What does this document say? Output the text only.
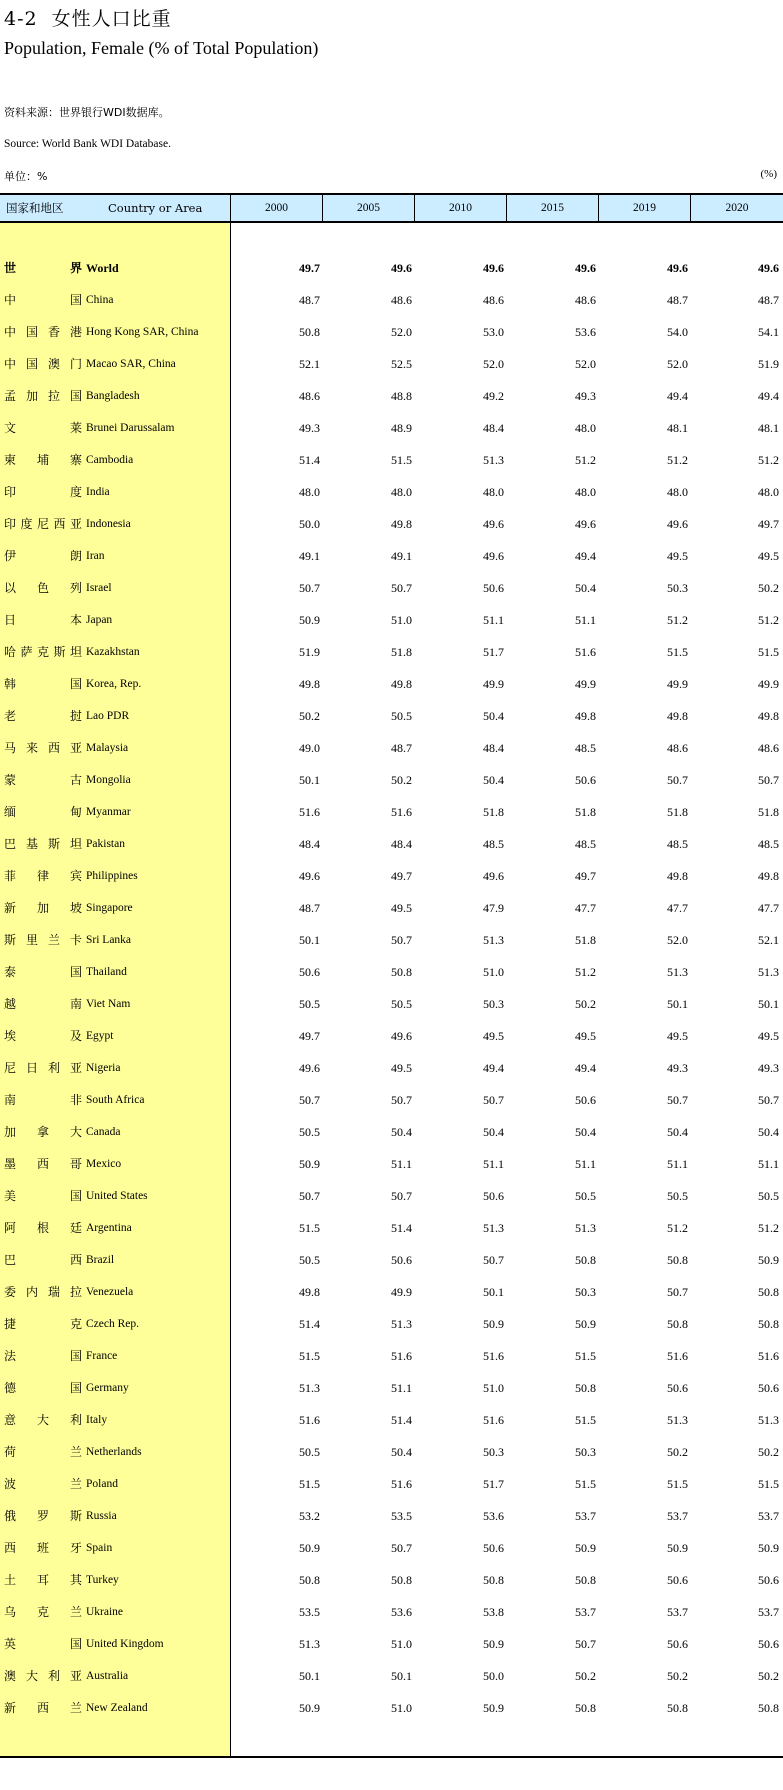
4-2 女性人口比重
Population, Female (% of Total Population)
资料来源：世界银行WDI数据库。
Source: World Bank WDI Database.
单位：%	(%)
国家和地区	Country or Area	2000	2005	2010	2015	2019	2020
世界 World	49.7	49.6	49.6	49.6	49.6	49.6
中国 China	48.7	48.6	48.6	48.6	48.7	48.7
中国香港 Hong Kong SAR, China	50.8	52.0	53.0	53.6	54.0	54.1
中国澳门 Macao SAR, China	52.1	52.5	52.0	52.0	52.0	51.9
孟加拉国 Bangladesh	48.6	48.8	49.2	49.3	49.4	49.4
文莱 Brunei Darussalam	49.3	48.9	48.4	48.0	48.1	48.1
柬埔寨 Cambodia	51.4	51.5	51.3	51.2	51.2	51.2
印度 India	48.0	48.0	48.0	48.0	48.0	48.0
印度尼西亚 Indonesia	50.0	49.8	49.6	49.6	49.6	49.7
伊朗 Iran	49.1	49.1	49.6	49.4	49.5	49.5
以色列 Israel	50.7	50.7	50.6	50.4	50.3	50.2
日本 Japan	50.9	51.0	51.1	51.1	51.2	51.2
哈萨克斯坦 Kazakhstan	51.9	51.8	51.7	51.6	51.5	51.5
韩国 Korea, Rep.	49.8	49.8	49.9	49.9	49.9	49.9
老挝 Lao PDR	50.2	50.5	50.4	49.8	49.8	49.8
马来西亚 Malaysia	49.0	48.7	48.4	48.5	48.6	48.6
蒙古 Mongolia	50.1	50.2	50.4	50.6	50.7	50.7
缅甸 Myanmar	51.6	51.6	51.8	51.8	51.8	51.8
巴基斯坦 Pakistan	48.4	48.4	48.5	48.5	48.5	48.5
菲律宾 Philippines	49.6	49.7	49.6	49.7	49.8	49.8
新加坡 Singapore	48.7	49.5	47.9	47.7	47.7	47.7
斯里兰卡 Sri Lanka	50.1	50.7	51.3	51.8	52.0	52.1
泰国 Thailand	50.6	50.8	51.0	51.2	51.3	51.3
越南 Viet Nam	50.5	50.5	50.3	50.2	50.1	50.1
埃及 Egypt	49.7	49.6	49.5	49.5	49.5	49.5
尼日利亚 Nigeria	49.6	49.5	49.4	49.4	49.3	49.3
南非 South Africa	50.7	50.7	50.7	50.6	50.7	50.7
加拿大 Canada	50.5	50.4	50.4	50.4	50.4	50.4
墨西哥 Mexico	50.9	51.1	51.1	51.1	51.1	51.1
美国 United States	50.7	50.7	50.6	50.5	50.5	50.5
阿根廷 Argentina	51.5	51.4	51.3	51.3	51.2	51.2
巴西 Brazil	50.5	50.6	50.7	50.8	50.8	50.9
委内瑞拉 Venezuela	49.8	49.9	50.1	50.3	50.7	50.8
捷克 Czech Rep.	51.4	51.3	50.9	50.9	50.8	50.8
法国 France	51.5	51.6	51.6	51.5	51.6	51.6
德国 Germany	51.3	51.1	51.0	50.8	50.6	50.6
意大利 Italy	51.6	51.4	51.6	51.5	51.3	51.3
荷兰 Netherlands	50.5	50.4	50.3	50.3	50.2	50.2
波兰 Poland	51.5	51.6	51.7	51.5	51.5	51.5
俄罗斯 Russia	53.2	53.5	53.6	53.7	53.7	53.7
西班牙 Spain	50.9	50.7	50.6	50.9	50.9	50.9
土耳其 Turkey	50.8	50.8	50.8	50.8	50.6	50.6
乌克兰 Ukraine	53.5	53.6	53.8	53.7	53.7	53.7
英国 United Kingdom	51.3	51.0	50.9	50.7	50.6	50.6
澳大利亚 Australia	50.1	50.1	50.0	50.2	50.2	50.2
新西兰 New Zealand	50.9	51.0	50.9	50.8	50.8	50.8
